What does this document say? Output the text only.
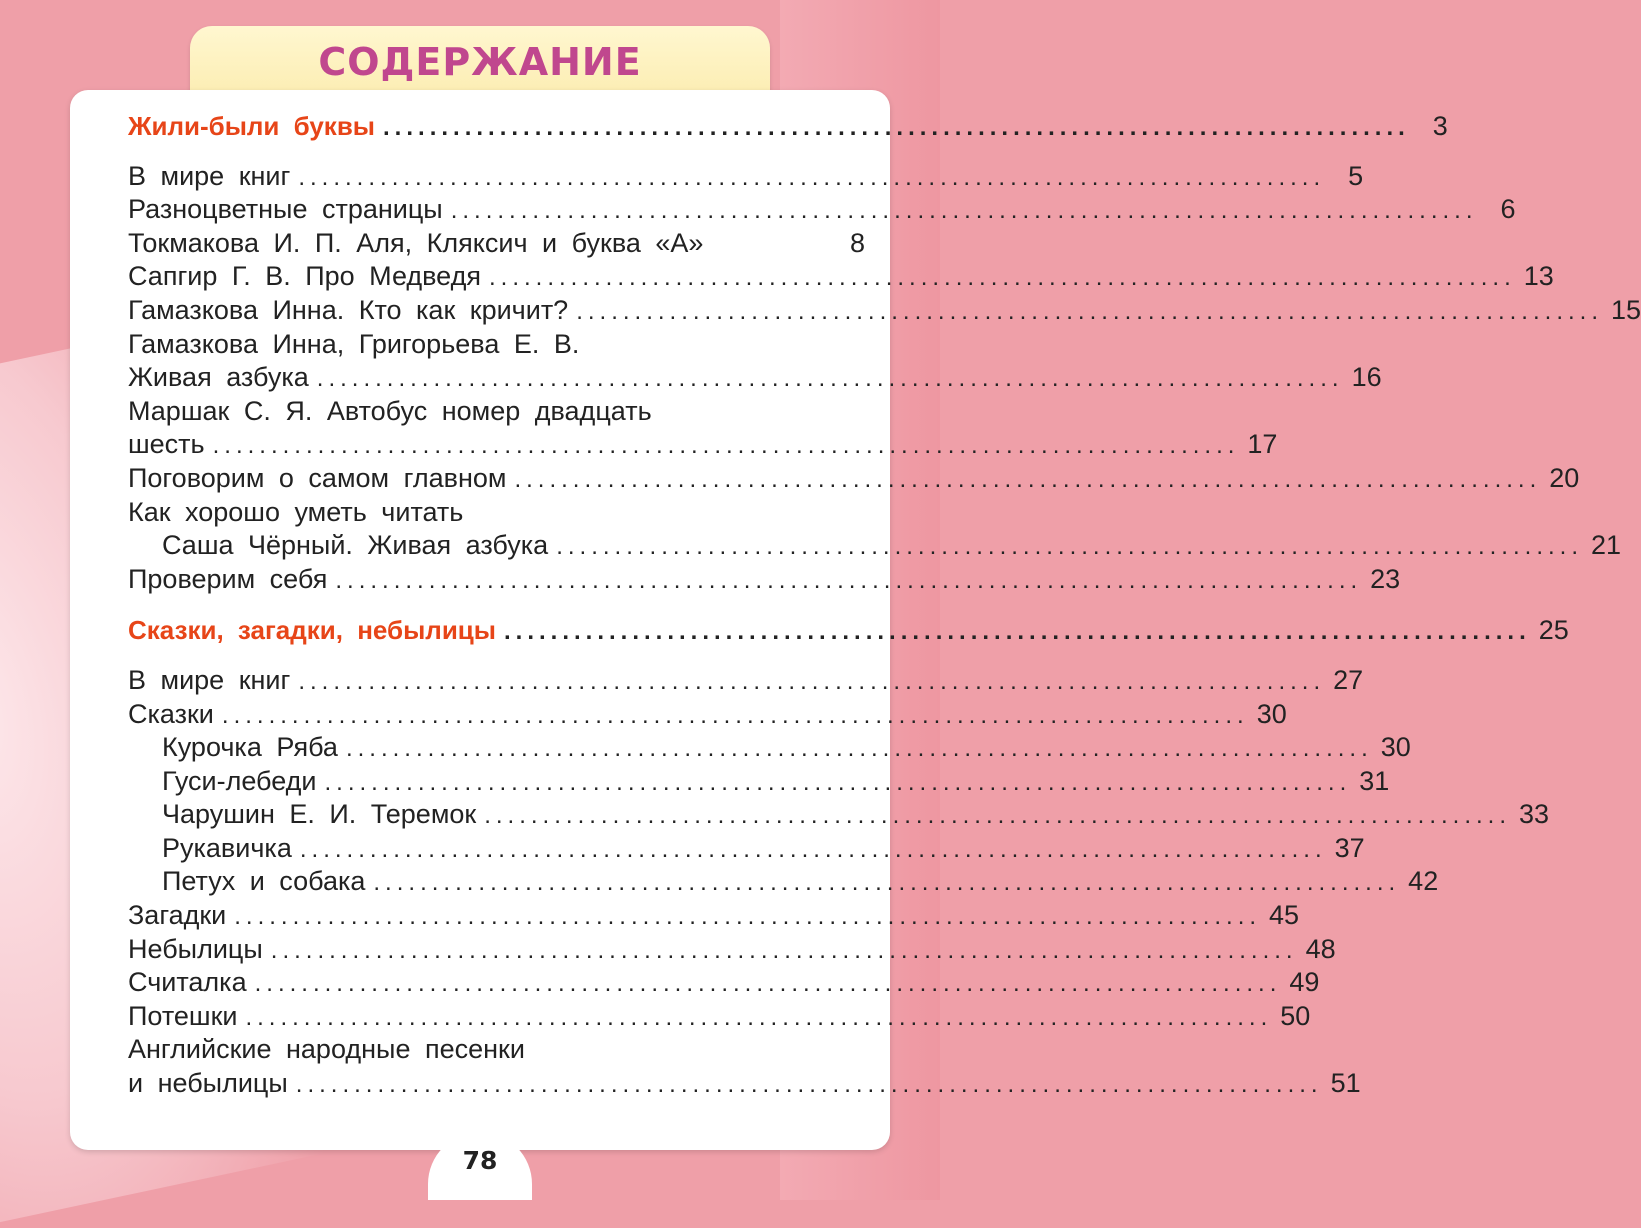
СОДЕРЖАНИЕ
Жили-были буквы ........................................................................................ 3
В мире книг ........................................................................................ 5
Разноцветные страницы ........................................................................................ 6
Токмакова И. П. Аля, Кляксич и буква «А»	8
Сапгир Г. В. Про Медведя ........................................................................................ 13
Гамазкова Инна. Кто как кричит? ........................................................................................ 15
Гамазкова Инна, Григорьева Е. В.
Живая азбука ........................................................................................ 16
Маршак С. Я. Автобус номер двадцать
шесть ........................................................................................ 17
Поговорим о самом главном ........................................................................................ 20
Как хорошо уметь читать
Саша Чёрный. Живая азбука ........................................................................................ 21
Проверим себя ........................................................................................ 23
Сказки, загадки, небылицы ........................................................................................ 25
В мире книг ........................................................................................ 27
Сказки ........................................................................................ 30
Курочка Ряба ........................................................................................ 30
Гуси-лебеди ........................................................................................ 31
Чарушин Е. И. Теремок ........................................................................................ 33
Рукавичка ........................................................................................ 37
Петух и собака ........................................................................................ 42
Загадки ........................................................................................ 45
Небылицы ........................................................................................ 48
Считалка ........................................................................................ 49
Потешки ........................................................................................ 50
Английские народные песенки
и небылицы ........................................................................................ 51
78
